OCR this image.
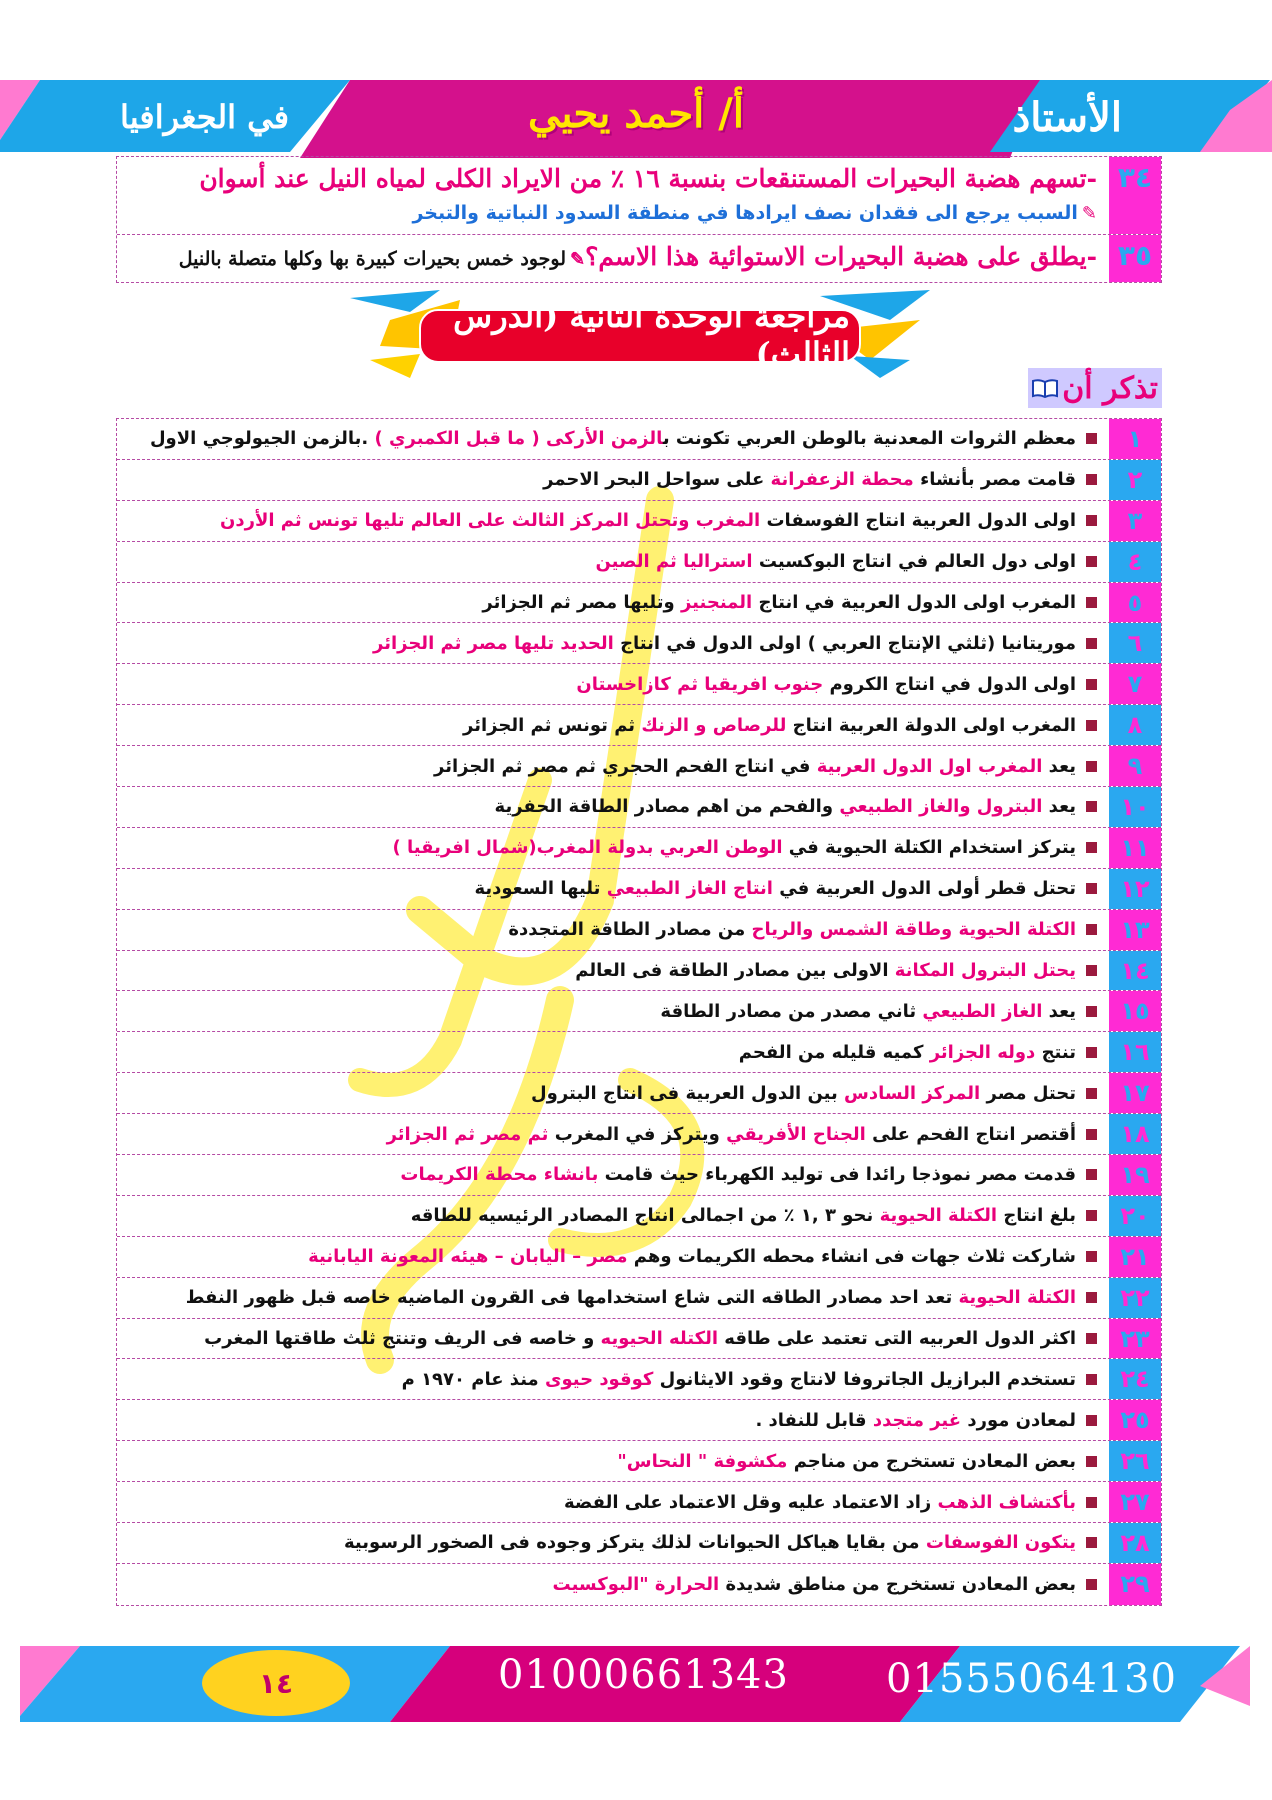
الأستاذ
أ/ أحمد يحيي
في الجغرافيا
٣٤
-تسهم هضبة البحيرات المستنقعات بنسبة ١٦ ٪ من الايراد الكلى لمياه النيل عند أسوان
✎السبب يرجع الى فقدان نصف ايرادها في منطقة السدود النباتية والتبخر
٣٥
-يطلق على هضبة البحيرات الاستوائية هذا الاسم؟✎لوجود خمس بحيرات كبيرة بها وكلها متصلة بالنيل
مراجعة الوحدة الثانية (الدرس الثالث)
تذكر أن
١
معظم الثروات المعدنية بالوطن العربي تكونت بالزمن الأركى ( ما قبل الكمبري ) .بالزمن الجيولوجي الاول
٢
قامت مصر بأنشاء محطة الزعفرانة على سواحل البحر الاحمر
٣
اولى الدول العربية انتاج الفوسفات المغرب وتحتل المركز الثالث على العالم تليها تونس ثم الأردن
٤
اولى دول العالم في انتاج البوكسيت استراليا ثم الصين
٥
المغرب اولى الدول العربية في انتاج المنجنيز وتليها مصر ثم الجزائر
٦
موريتانيا (ثلثي الإنتاج العربي ) اولى الدول في انتاج الحديد تليها مصر ثم الجزائر
٧
اولى الدول في انتاج الكروم جنوب افريقيا ثم كازاخستان
٨
المغرب اولى الدولة العربية انتاج للرصاص و الزنك ثم تونس ثم الجزائر
٩
يعد المغرب اول الدول العربية في انتاج الفحم الحجري ثم مصر ثم الجزائر
١٠
يعد البترول والغاز الطبيعي والفحم من اهم مصادر الطاقة الحفرية
١١
يتركز استخدام الكتلة الحيوية في الوطن العربي بدولة المغرب(شمال افريقيا )
١٢
تحتل قطر أولى الدول العربية في انتاج الغاز الطبيعي تليها السعودية
١٣
الكتلة الحيوية وطاقة الشمس والرياح من مصادر الطاقة المتجددة
١٤
يحتل البترول المكانة الاولى بين مصادر الطاقة فى العالم
١٥
يعد الغاز الطبيعي ثاني مصدر من مصادر الطاقة
١٦
تنتج دوله الجزائر كميه قليله من الفحم
١٧
تحتل مصر المركز السادس بين الدول العربية فى انتاج البترول
١٨
أقتصر انتاج الفحم على الجناح الأفريقي ويتركز في المغرب ثم مصر ثم الجزائر
١٩
قدمت مصر نموذجا رائدا فى توليد الكهرباء حيث قامت بانشاء محطة الكريمات
٢٠
بلغ انتاج الكتلة الحيوية نحو ٣ ,١ ٪ من اجمالى انتاج المصادر الرئيسيه للطاقه
٢١
شاركت ثلاث جهات فى انشاء محطه الكريمات وهم مصر – اليابان – هيئه المعونة اليابانية
٢٢
الكتلة الحيوية تعد احد مصادر الطاقه التى شاع استخدامها فى القرون الماضيه خاصه قبل ظهور النفط
٢٣
اكثر الدول العربيه التى تعتمد على طاقه الكتله الحيويه و خاصه فى الريف وتنتج ثلث طاقتها المغرب
٢٤
تستخدم البرازيل الجاتروفا لانتاج وقود الايثانول كوقود حيوى منذ عام ١٩٧٠ م
٢٥
لمعادن مورد غير متجدد قابل للنفاد .
٢٦
بعض المعادن تستخرج من مناجم مكشوفة " النحاس"
٢٧
بأكتشاف الذهب زاد الاعتماد عليه وقل الاعتماد على الفضة
٢٨
يتكون الفوسفات من بقايا هياكل الحيوانات لذلك يتركز وجوده فى الصخور الرسوبية
٢٩
بعض المعادن تستخرج من مناطق شديدة الحرارة "البوكسيت
١٤	01000661343 01555064130
